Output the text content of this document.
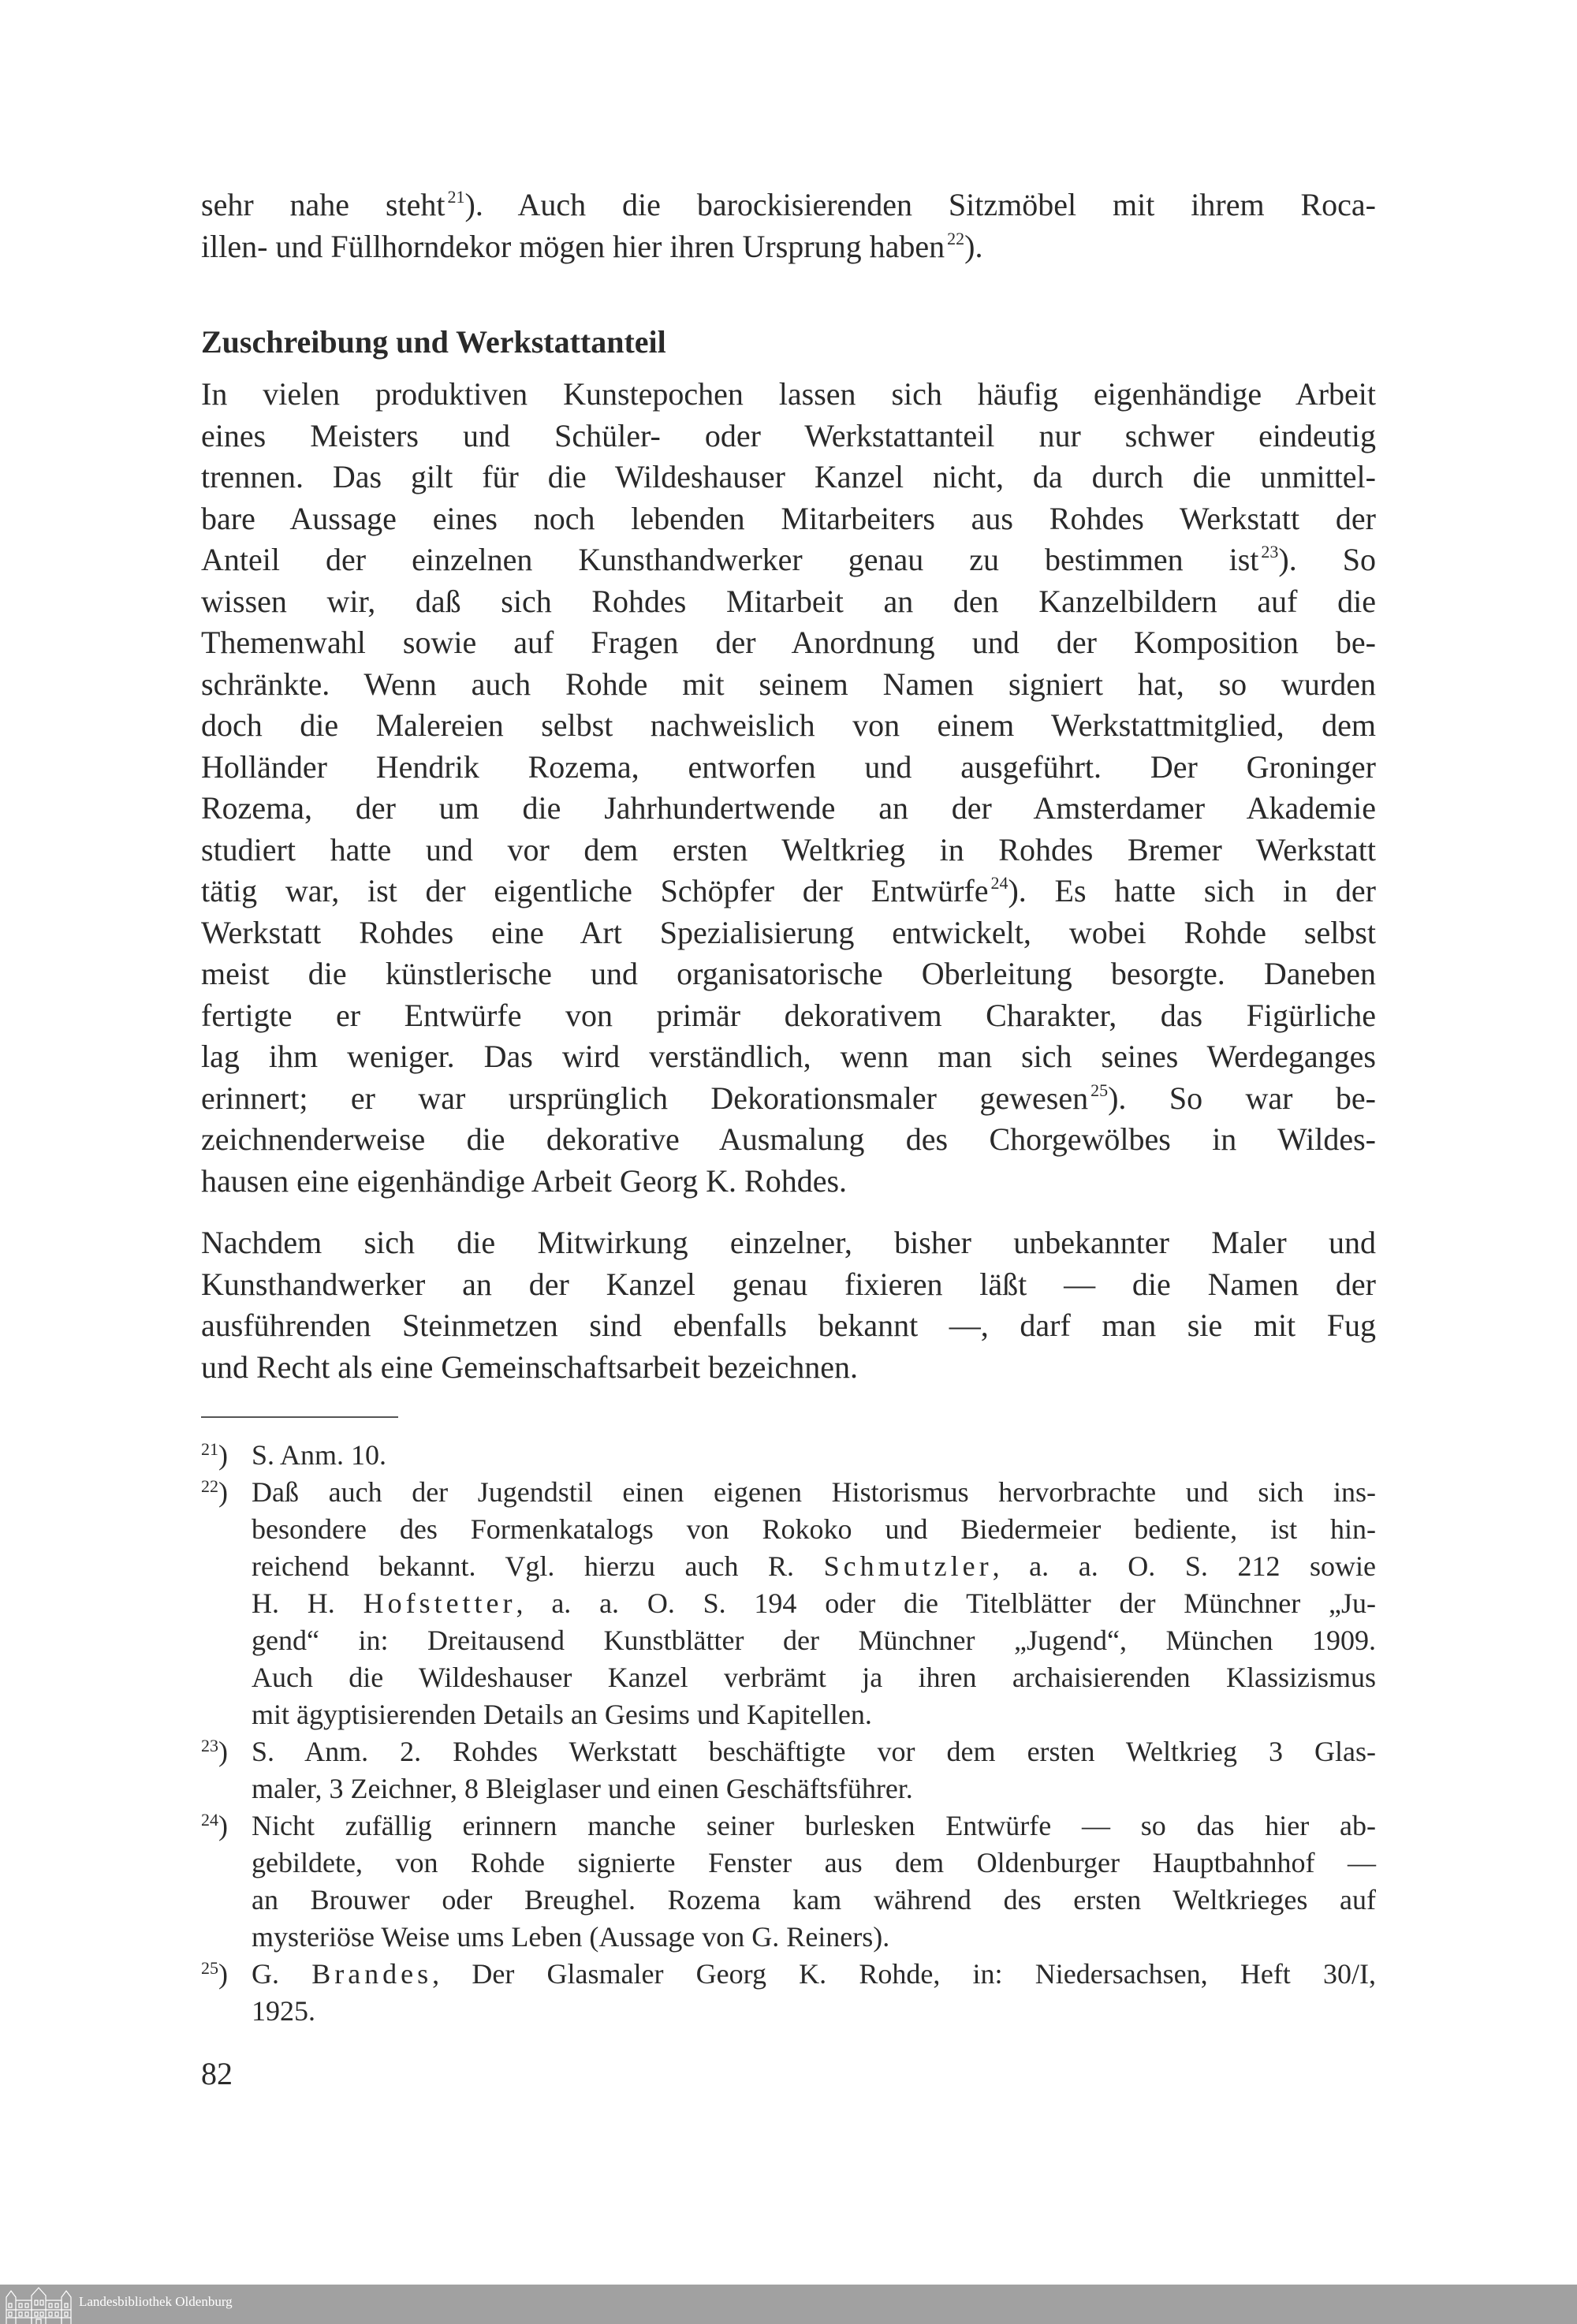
sehr nahe steht $^{21}$). Auch die barockisierenden Sitzmöbel mit ihrem Roca-
illen- und Füllhorndekor mögen hier ihren Ursprung haben $^{22}$).
Zuschreibung und Werkstattanteil
In vielen produktiven Kunstepochen lassen sich häufig eigenhändige Arbeit
eines Meisters und Schüler- oder Werkstattanteil nur schwer eindeutig
trennen. Das gilt für die Wildeshauser Kanzel nicht, da durch die unmittel-
bare Aussage eines noch lebenden Mitarbeiters aus Rohdes Werkstatt der
Anteil der einzelnen Kunsthandwerker genau zu bestimmen ist $^{23}$). So
wissen wir, daß sich Rohdes Mitarbeit an den Kanzelbildern auf die
Themenwahl sowie auf Fragen der Anordnung und der Komposition be-
schränkte. Wenn auch Rohde mit seinem Namen signiert hat, so wurden
doch die Malereien selbst nachweislich von einem Werkstattmitglied, dem
Holländer Hendrik Rozema, entworfen und ausgeführt. Der Groninger
Rozema, der um die Jahrhundertwende an der Amsterdamer Akademie
studiert hatte und vor dem ersten Weltkrieg in Rohdes Bremer Werkstatt
tätig war, ist der eigentliche Schöpfer der Entwürfe $^{24}$). Es hatte sich in der
Werkstatt Rohdes eine Art Spezialisierung entwickelt, wobei Rohde selbst
meist die künstlerische und organisatorische Oberleitung besorgte. Daneben
fertigte er Entwürfe von primär dekorativem Charakter, das Figürliche
lag ihm weniger. Das wird verständlich, wenn man sich seines Werdeganges
erinnert; er war ursprünglich Dekorationsmaler gewesen $^{25}$). So war be-
zeichnenderweise die dekorative Ausmalung des Chorgewölbes in Wildes-
hausen eine eigenhändige Arbeit Georg K. Rohdes.
Nachdem sich die Mitwirkung einzelner, bisher unbekannter Maler und
Kunsthandwerker an der Kanzel genau fixieren läßt — die Namen der
ausführenden Steinmetzen sind ebenfalls bekannt —, darf man sie mit Fug
und Recht als eine Gemeinschaftsarbeit bezeichnen.
$^{21}$) S. Anm. 10.
$^{22}$) Daß auch der Jugendstil einen eigenen Historismus hervorbrachte und sich ins-
besondere des Formenkatalogs von Rokoko und Biedermeier bediente, ist hin-
reichend bekannt. Vgl. hierzu auch R. Schmutzler, a. a. O. S. 212 sowie
H. H. Hofstetter, a. a. O. S. 194 oder die Titelblätter der Münchner „Ju-
gend“ in: Dreitausend Kunstblätter der Münchner „Jugend“, München 1909.
Auch die Wildeshauser Kanzel verbrämt ja ihren archaisierenden Klassizismus
mit ägyptisierenden Details an Gesims und Kapitellen.
$^{23}$) S. Anm. 2. Rohdes Werkstatt beschäftigte vor dem ersten Weltkrieg 3 Glas-
maler, 3 Zeichner, 8 Bleiglaser und einen Geschäftsführer.
$^{24}$) Nicht zufällig erinnern manche seiner burlesken Entwürfe — so das hier ab-
gebildete, von Rohde signierte Fenster aus dem Oldenburger Hauptbahnhof —
an Brouwer oder Breughel. Rozema kam während des ersten Weltkrieges auf
mysteriöse Weise ums Leben (Aussage von G. Reiners).
$^{25}$) G. Brandes, Der Glasmaler Georg K. Rohde, in: Niedersachsen, Heft 30/I,
1925.
82
Landesbibliothek Oldenburg
